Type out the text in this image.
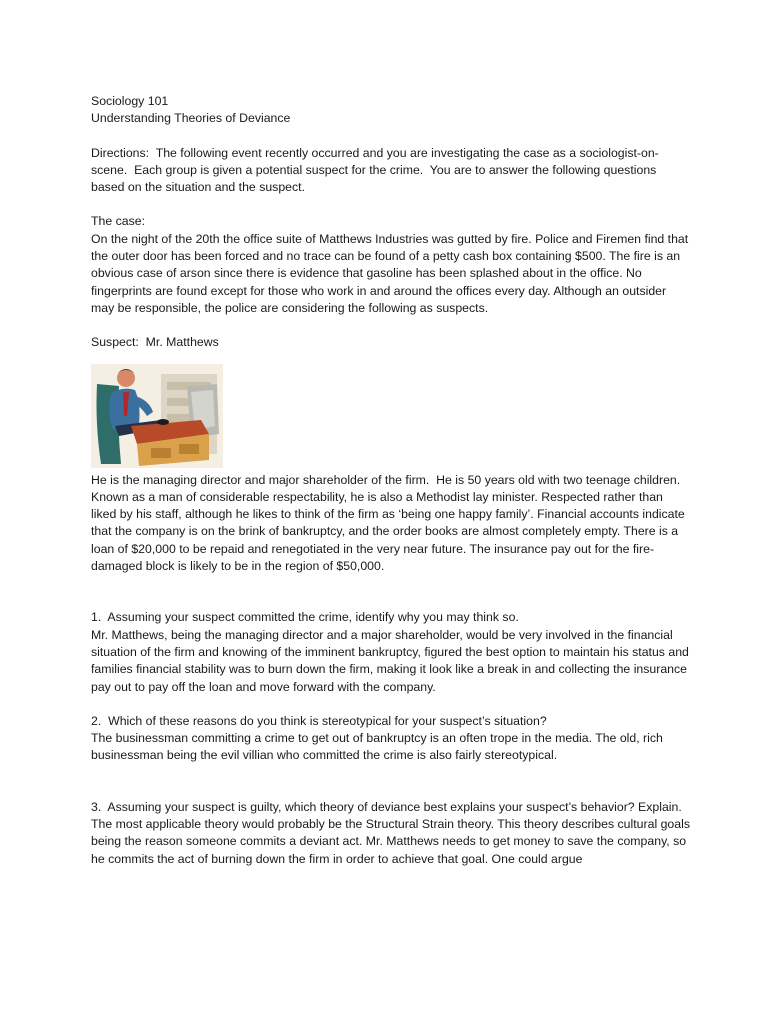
Sociology 101

Understanding Theories of Deviance

Directions:  The following event recently occurred and you are investigating the case as a sociologist-on-scene.  Each group is given a potential suspect for the crime.  You are to answer the following questions based on the situation and the suspect.

The case:

On the night of the 20th the office suite of Matthews Industries was gutted by fire. Police and Firemen find that the outer door has been forced and no trace can be found of a petty cash box containing $500. The fire is an obvious case of arson since there is evidence that gasoline has been splashed about in the office. No fingerprints are found except for those who work in and around the offices every day. Although an outsider may be responsible, the police are considering the following as suspects.

Suspect:  Mr. Matthews

He is the managing director and major shareholder of the firm.  He is 50 years old with two teenage children. Known as a man of considerable respectability, he is also a Methodist lay minister. Respected rather than liked by his staff, although he likes to think of the firm as ‘being one happy family’. Financial accounts indicate that the company is on the brink of bankruptcy, and the order books are almost completely empty. There is a loan of $20,000 to be repaid and renegotiated in the very near future. The insurance pay out for the fire-damaged block is likely to be in the region of $50,000.

1.  Assuming your suspect committed the crime, identify why you may think so.

Mr. Matthews, being the managing director and a major shareholder, would be very involved in the financial situation of the firm and knowing of the imminent bankruptcy, figured the best option to maintain his status and families financial stability was to burn down the firm, making it look like a break in and collecting the insurance pay out to pay off the loan and move forward with the company.

2.  Which of these reasons do you think is stereotypical for your suspect’s situation?

The businessman committing a crime to get out of bankruptcy is an often trope in the media. The old, rich businessman being the evil villian who committed the crime is also fairly stereotypical.

3.  Assuming your suspect is guilty, which theory of deviance best explains your suspect’s behavior? Explain.

The most applicable theory would probably be the Structural Strain theory. This theory describes cultural goals being the reason someone commits a deviant act. Mr. Matthews needs to get money to save the company, so he commits the act of burning down the firm in order to achieve that goal. One could argue
